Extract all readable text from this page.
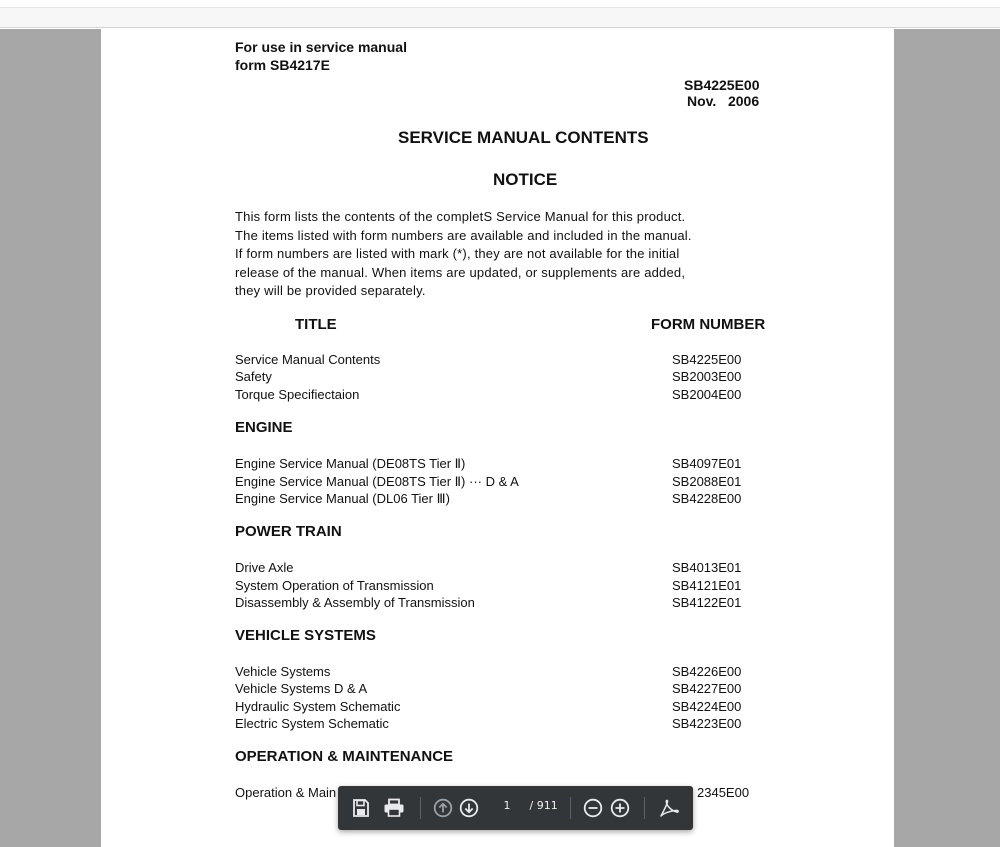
For use in service manual
form SB4217E
SB4225E00
Nov.   2006
SERVICE MANUAL CONTENTS
NOTICE
This form lists the contents of the completS Service Manual for this product.
The items listed with form numbers are available and included in the manual.
If form numbers are listed with mark (*), they are not available for the initial
release of the manual. When items are updated, or supplements are added,
they will be provided separately.
TITLE	FORM NUMBER
Service Manual Contents	SB4225E00
Safety	SB2003E00
Torque Specifiectaion	SB2004E00
ENGINE
Engine Service Manual (DE08TS Tier Ⅱ)	SB4097E01
Engine Service Manual (DE08TS Tier Ⅱ) ··· D & A	SB2088E01
Engine Service Manual (DL06 Tier Ⅲ)	SB4228E00
POWER TRAIN
Drive Axle	SB4013E01
System Operation of Transmission	SB4121E01
Disassembly & Assembly of Transmission	SB4122E01
VEHICLE SYSTEMS
Vehicle Systems	SB4226E00
Vehicle Systems D & A	SB4227E00
Hydraulic System Schematic	SB4224E00
Electric System Schematic	SB4223E00
OPERATION & MAINTENANCE
Operation & Main	2345E00
1 / 911
